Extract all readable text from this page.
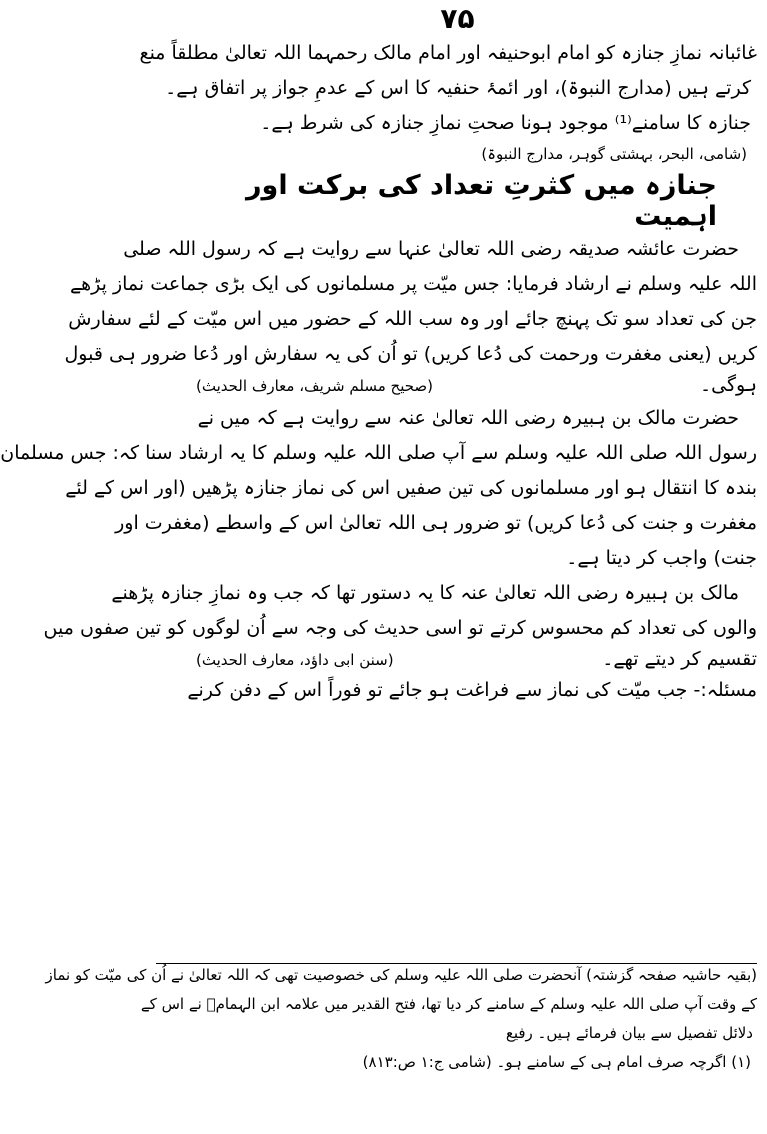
۷۵
غائبانہ نمازِ جنازہ کو امام ابوحنیفہ اور امام مالک رحمہما اللہ تعالیٰ مطلقاً منع
کرتے ہیں (مدارج النبوۃ)، اور ائمۂ حنفیہ کا اس کے عدمِ جواز پر اتفاق ہے۔
جنازہ کا سامنے⁽¹⁾ موجود ہونا صحتِ نمازِ جنازہ کی شرط ہے۔
(شامی، البحر، بہشتی گوہر، مدارج النبوۃ)
جنازہ میں کثرتِ تعداد کی برکت اور اہمیت
حضرت عائشہ صدیقہ رضی اللہ تعالیٰ عنہا سے روایت ہے کہ رسول اللہ صلی
اللہ علیہ وسلم نے ارشاد فرمایا: جس میّت پر مسلمانوں کی ایک بڑی جماعت نماز پڑھے
جن کی تعداد سو تک پہنچ جائے اور وہ سب اللہ کے حضور میں اس میّت کے لئے سفارش
کریں (یعنی مغفرت ورحمت کی دُعا کریں) تو اُن کی یہ سفارش اور دُعا ضرور ہی قبول
ہوگی۔
(صحیح مسلم شریف، معارف الحدیث)
حضرت مالک بن ہبیرہ رضی اللہ تعالیٰ عنہ سے روایت ہے کہ میں نے
رسول اللہ صلی اللہ علیہ وسلم سے آپ صلی اللہ علیہ وسلم کا یہ ارشاد سنا کہ: جس مسلمان
بندہ کا انتقال ہو اور مسلمانوں کی تین صفیں اس کی نماز جنازہ پڑھیں (اور اس کے لئے
مغفرت و جنت کی دُعا کریں) تو ضرور ہی اللہ تعالیٰ اس کے واسطے (مغفرت اور
جنت) واجب کر دیتا ہے۔
مالک بن ہبیرہ رضی اللہ تعالیٰ عنہ کا یہ دستور تھا کہ جب وہ نمازِ جنازہ پڑھنے
والوں کی تعداد کم محسوس کرتے تو اسی حدیث کی وجہ سے اُن لوگوں کو تین صفوں میں
تقسیم کر دیتے تھے۔
(سنن ابی داؤد، معارف الحدیث)
مسئلہ:- جب میّت کی نماز سے فراغت ہو جائے تو فوراً اس کے دفن کرنے
(بقیہ حاشیہ صفحہ گزشتہ) آنحضرت صلی اللہ علیہ وسلم کی خصوصیت تھی کہ اللہ تعالیٰ نے اُن کی میّت کو نماز
کے وقت آپ صلی اللہ علیہ وسلم کے سامنے کر دیا تھا، فتح القدیر میں علامہ ابن الہمامؒ نے اس کے
دلائل تفصیل سے بیان فرمائے ہیں۔ رفیع
(۱) اگرچہ صرف امام ہی کے سامنے ہو۔ (شامی ج:۱ ص:۸۱۳)
